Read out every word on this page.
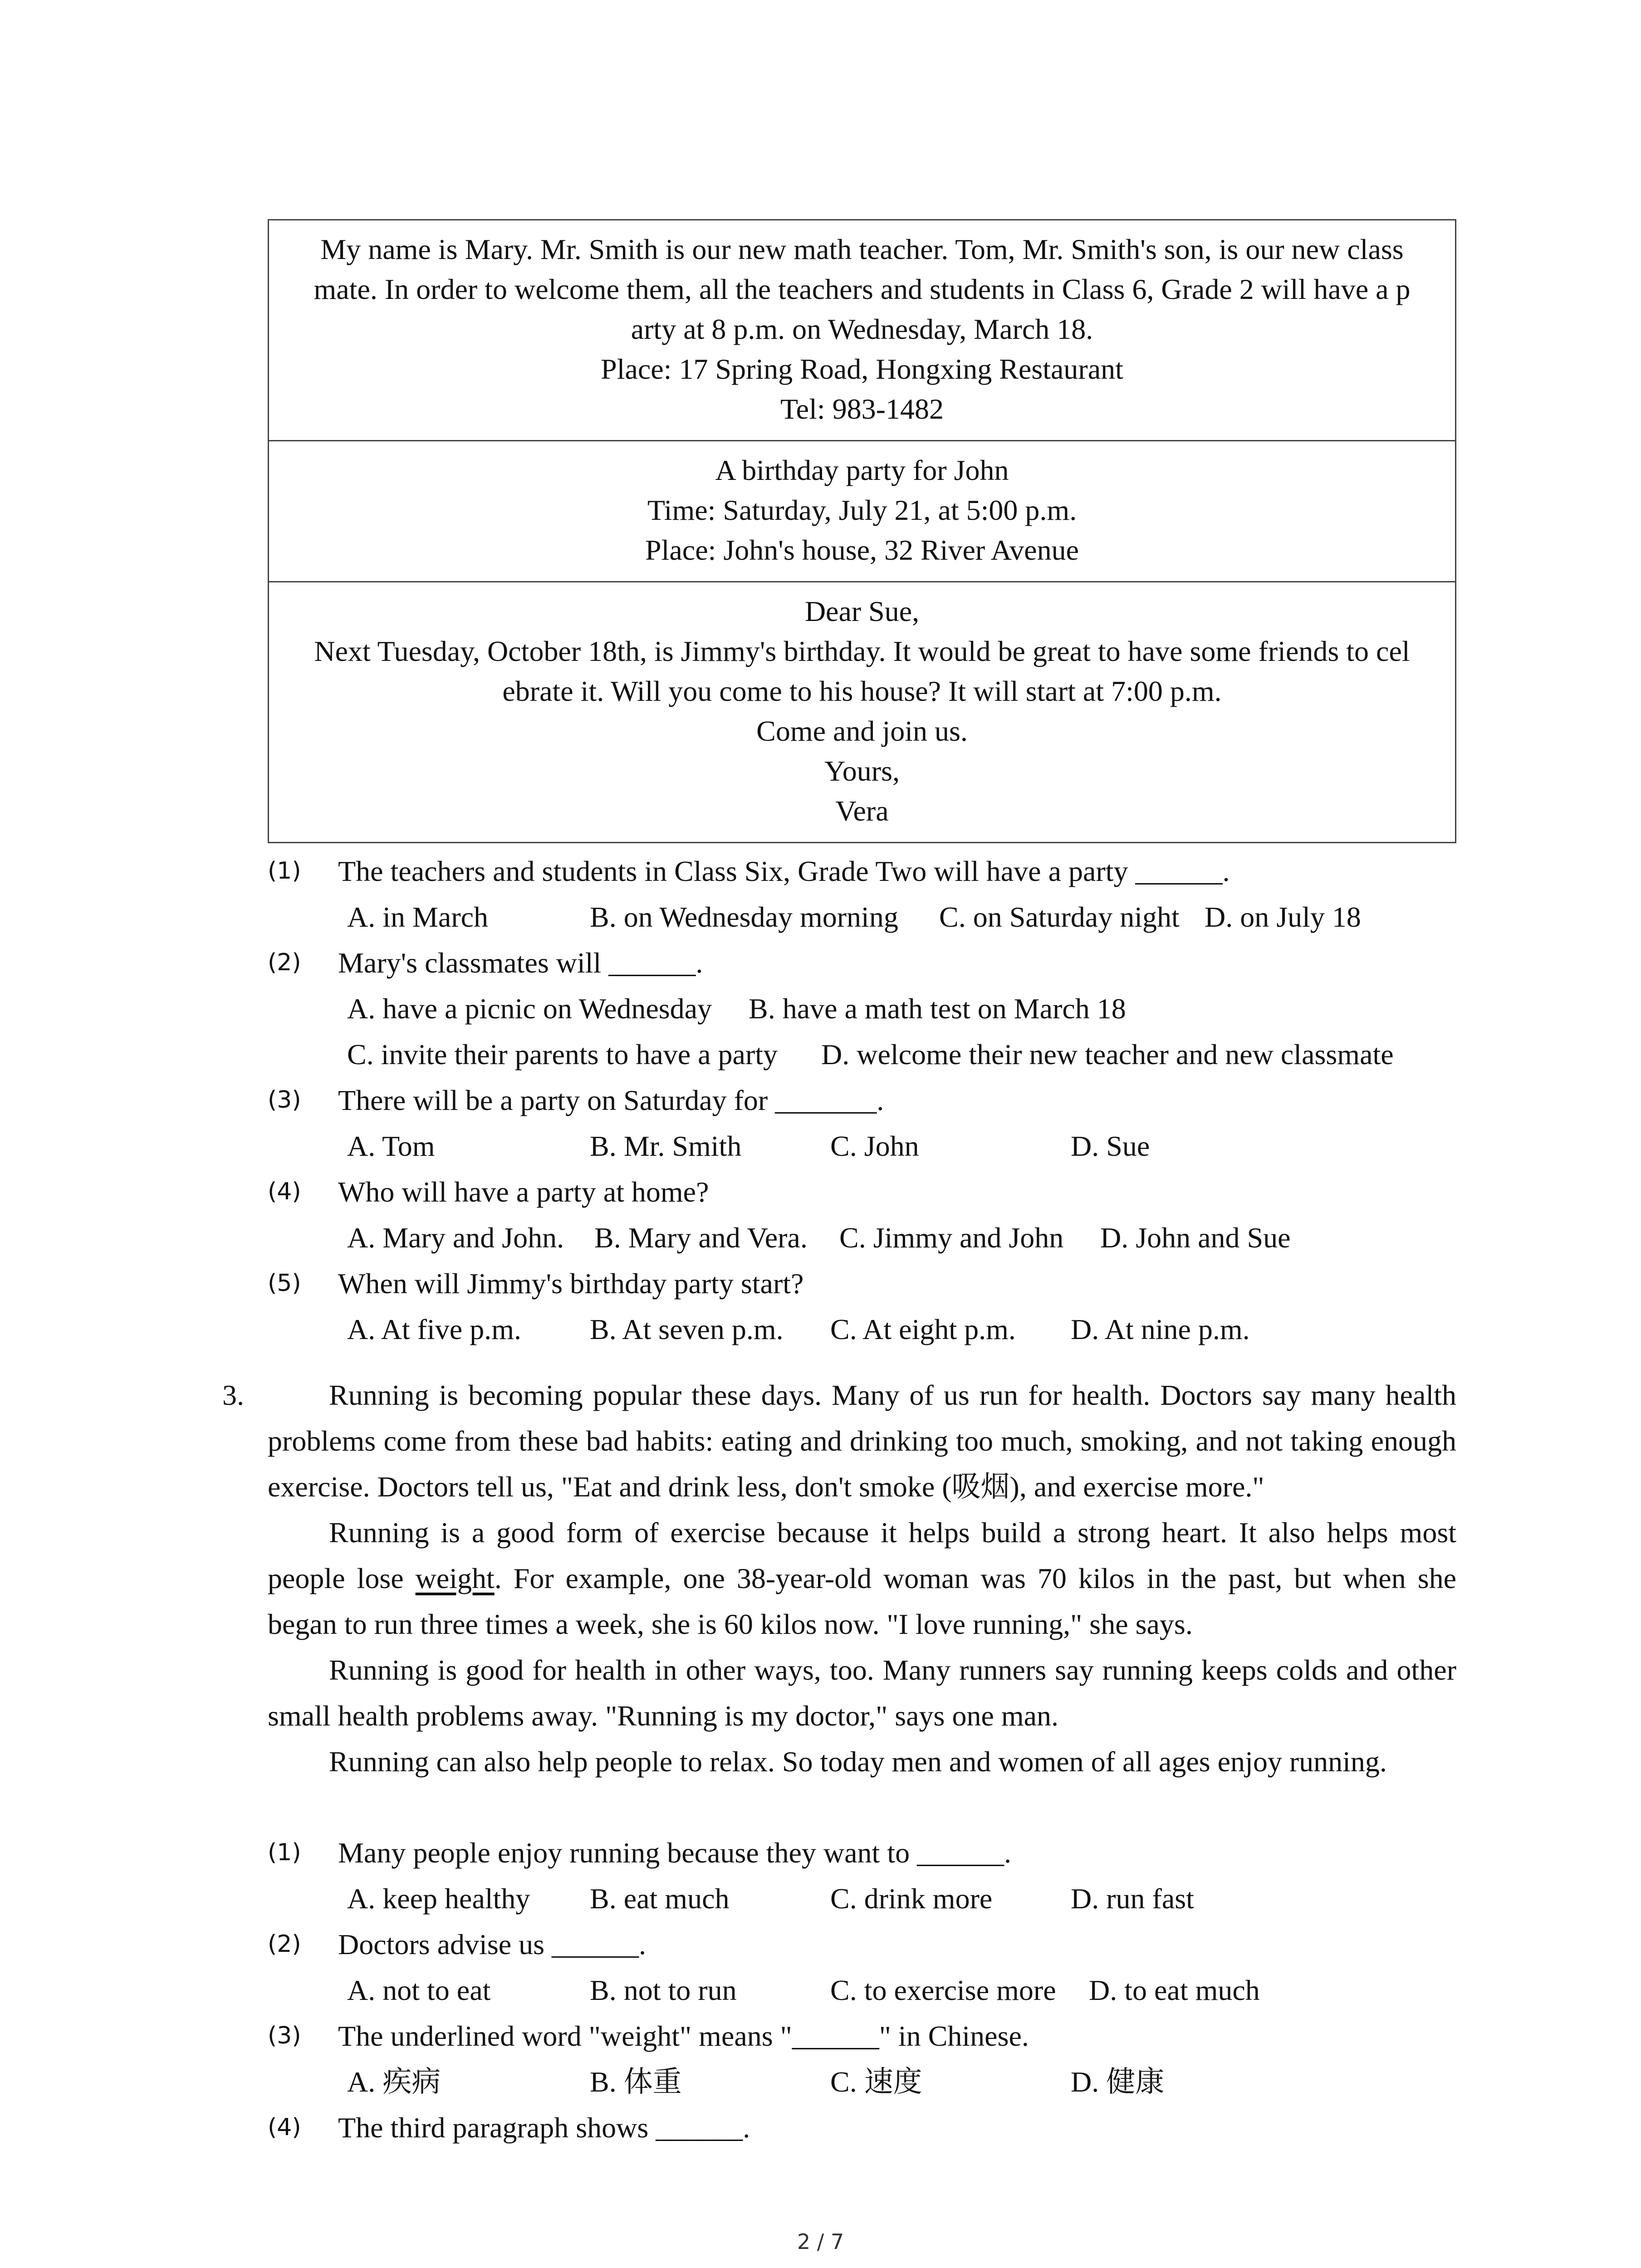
My name is Mary. Mr. Smith is our new math teacher. Tom, Mr. Smith's son, is our new class

mate. In order to welcome them, all the teachers and students in Class 6, Grade 2 will have a p

arty at 8 p.m. on Wednesday, March 18.

Place: 17 Spring Road, Hongxing Restaurant

Tel: 983-1482

A birthday party for John

Time: Saturday, July 21, at 5:00 p.m.

Place: John's house, 32 River Avenue

Dear Sue,

Next Tuesday, October 18th, is Jimmy's birthday. It would be great to have some friends to cel

ebrate it. Will you come to his house? It will start at 7:00 p.m.

Come and join us.

Yours,

Vera

(1) The teachers and students in Class Six, Grade Two will have a party ______.
A. in March	B. on Wednesday morning C. on Saturday night D. on July 18
(2) Mary's classmates will ______.
A. have a picnic on Wednesday B. have a math test on March 18
C. invite their parents to have a party D. welcome their new teacher and new classmate
(3) There will be a party on Saturday for _______.
A. Tom	B. Mr. Smith	C. John	D. Sue
(4) Who will have a party at home?
A. Mary and John. B. Mary and Vera. C. Jimmy and John D. John and Sue
(5) When will Jimmy's birthday party start?
A. At five p.m. B. At seven p.m. C. At eight p.m. D. At nine p.m.
3.	Running is becoming popular these days. Many of us run for health. Doctors say many health problems come from these bad habits: eating and drinking too much, smoking, and not taking enough exercise. Doctors tell us, "Eat and drink less, don't smoke (吸烟), and exercise more."

Running is a good form of exercise because it helps build a strong heart. It also helps most people lose weight. For example, one 38-year-old woman was 70 kilos in the past, but when she began to run three times a week, she is 60 kilos now. "I love running," she says.

Running is good for health in other ways, too. Many runners say running keeps colds and other small health problems away. "Running is my doctor," says one man.

Running can also help people to relax. So today men and women of all ages enjoy running.

(1) Many people enjoy running because they want to ______.
A. keep healthy B. eat much	C. drink more	D. run fast
(2) Doctors advise us ______.
A. not to eat	B. not to run	C. to exercise more D. to eat much
(3) The underlined word "weight" means "______" in Chinese.
A. 疾病	B. 体重	C. 速度	D. 健康
(4) The third paragraph shows ______.
2 / 7
